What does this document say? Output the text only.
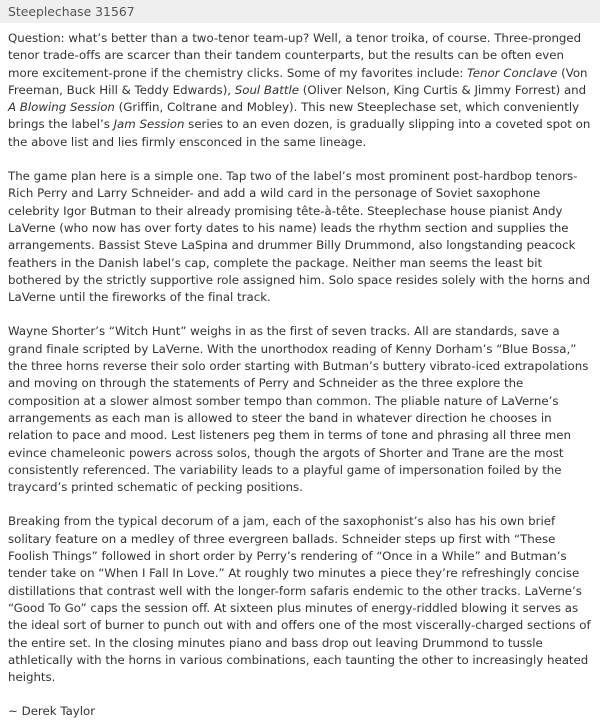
Steeplechase 31567

Question: what’s better than a two-tenor team-up? Well, a tenor troika, of course. Three-pronged tenor trade-offs are scarcer than their tandem counterparts, but the results can be often even more excitement-prone if the chemistry clicks. Some of my favorites include: Tenor Conclave (Von Freeman, Buck Hill & Teddy Edwards), Soul Battle (Oliver Nelson, King Curtis & Jimmy Forrest) and A Blowing Session (Griffin, Coltrane and Mobley). This new Steeplechase set, which conveniently brings the label’s Jam Session series to an even dozen, is gradually slipping into a coveted spot on the above list and lies firmly ensconced in the same lineage.

The game plan here is a simple one. Tap two of the label’s most prominent post-hardbop tenors- Rich Perry and Larry Schneider- and add a wild card in the personage of Soviet saxophone celebrity Igor Butman to their already promising tête-à-tête. Steeplechase house pianist Andy LaVerne (who now has over forty dates to his name) leads the rhythm section and supplies the arrangements. Bassist Steve LaSpina and drummer Billy Drummond, also longstanding peacock feathers in the Danish label’s cap, complete the package. Neither man seems the least bit bothered by the strictly supportive role assigned him. Solo space resides solely with the horns and LaVerne until the fireworks of the final track.

Wayne Shorter’s “Witch Hunt” weighs in as the first of seven tracks. All are standards, save a grand finale scripted by LaVerne. With the unorthodox reading of Kenny Dorham’s “Blue Bossa,” the three horns reverse their solo order starting with Butman’s buttery vibrato-iced extrapolations and moving on through the statements of Perry and Schneider as the three explore the composition at a slower almost somber tempo than common. The pliable nature of LaVerne’s arrangements as each man is allowed to steer the band in whatever direction he chooses in relation to pace and mood. Lest listeners peg them in terms of tone and phrasing all three men evince chameleonic powers across solos, though the argots of Shorter and Trane are the most consistently referenced. The variability leads to a playful game of impersonation foiled by the traycard’s printed schematic of pecking positions.

Breaking from the typical decorum of a jam, each of the saxophonist’s also has his own brief solitary feature on a medley of three evergreen ballads. Schneider steps up first with “These Foolish Things” followed in short order by Perry’s rendering of “Once in a While” and Butman’s tender take on “When I Fall In Love.” At roughly two minutes a piece they’re refreshingly concise distillations that contrast well with the longer-form safaris endemic to the other tracks. LaVerne’s “Good To Go” caps the session off. At sixteen plus minutes of energy-riddled blowing it serves as the ideal sort of burner to punch out with and offers one of the most viscerally-charged sections of the entire set. In the closing minutes piano and bass drop out leaving Drummond to tussle athletically with the horns in various combinations, each taunting the other to increasingly heated heights.

~ Derek Taylor
